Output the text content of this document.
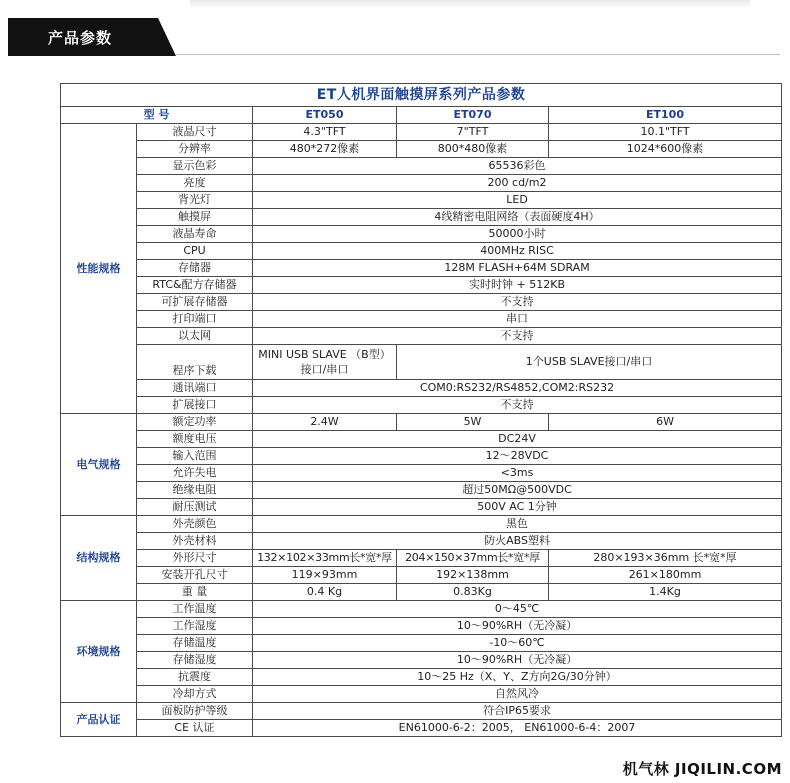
产品参数
ET人机界面触摸屏系列产品参数				
型 号		ET050	ET070	ET100
性能规格	液晶尺寸	4.3"TFT	7"TFT	10.1"TFT
	分辨率	480*272像素	800*480像素	1024*600像素
	显示色彩	65536彩色		
	亮度	200 cd/m2		
	背光灯	LED		
	触摸屏	4线精密电阻网络（表面硬度4H）		
	液晶寿命	50000小时		
	CPU	400MHz RISC		
	存储器	128M FLASH+64M SDRAM		
	RTC&配方存储器	实时时钟 + 512KB		
	可扩展存储器	不支持		
	打印端口	串口		
	以太网	不支持		
	程序下载	MINI USB SLAVE （B型）接口/串口	1个USB SLAVE接口/串口	
	通讯端口	COM0:RS232/RS4852,COM2:RS232		
	扩展接口	不支持		
电气规格	额定功率	2.4W	5W	6W
	额度电压	DC24V		
	输入范围	12～28VDC		
	允许失电	<3ms		
	绝缘电阻	超过50MΩ@500VDC		
	耐压测试	500V AC 1分钟		
结构规格	外壳颜色	黑色		
	外壳材料	防火ABS塑料		
	外形尺寸	132×102×33mm长*宽*厚	204×150×37mm长*宽*厚	280×193×36mm 长*宽*厚
	安装开孔尺寸	119×93mm	192×138mm	261×180mm
	重 量	0.4 Kg	0.83Kg	1.4Kg
环境规格	工作温度	0～45℃		
	工作湿度	10～90%RH（无冷凝）		
	存储温度	-10～60℃		
	存储湿度	10～90%RH（无冷凝）		
	抗震度	10～25 Hz（X、Y、Z方向2G/30分钟）		
	冷却方式	自然风冷		
产品认证	面板防护等级	符合IP65要求		
	CE 认证	EN61000-6-2：2005， EN61000-6-4：2007		
机气林 JIQILIN.COM
